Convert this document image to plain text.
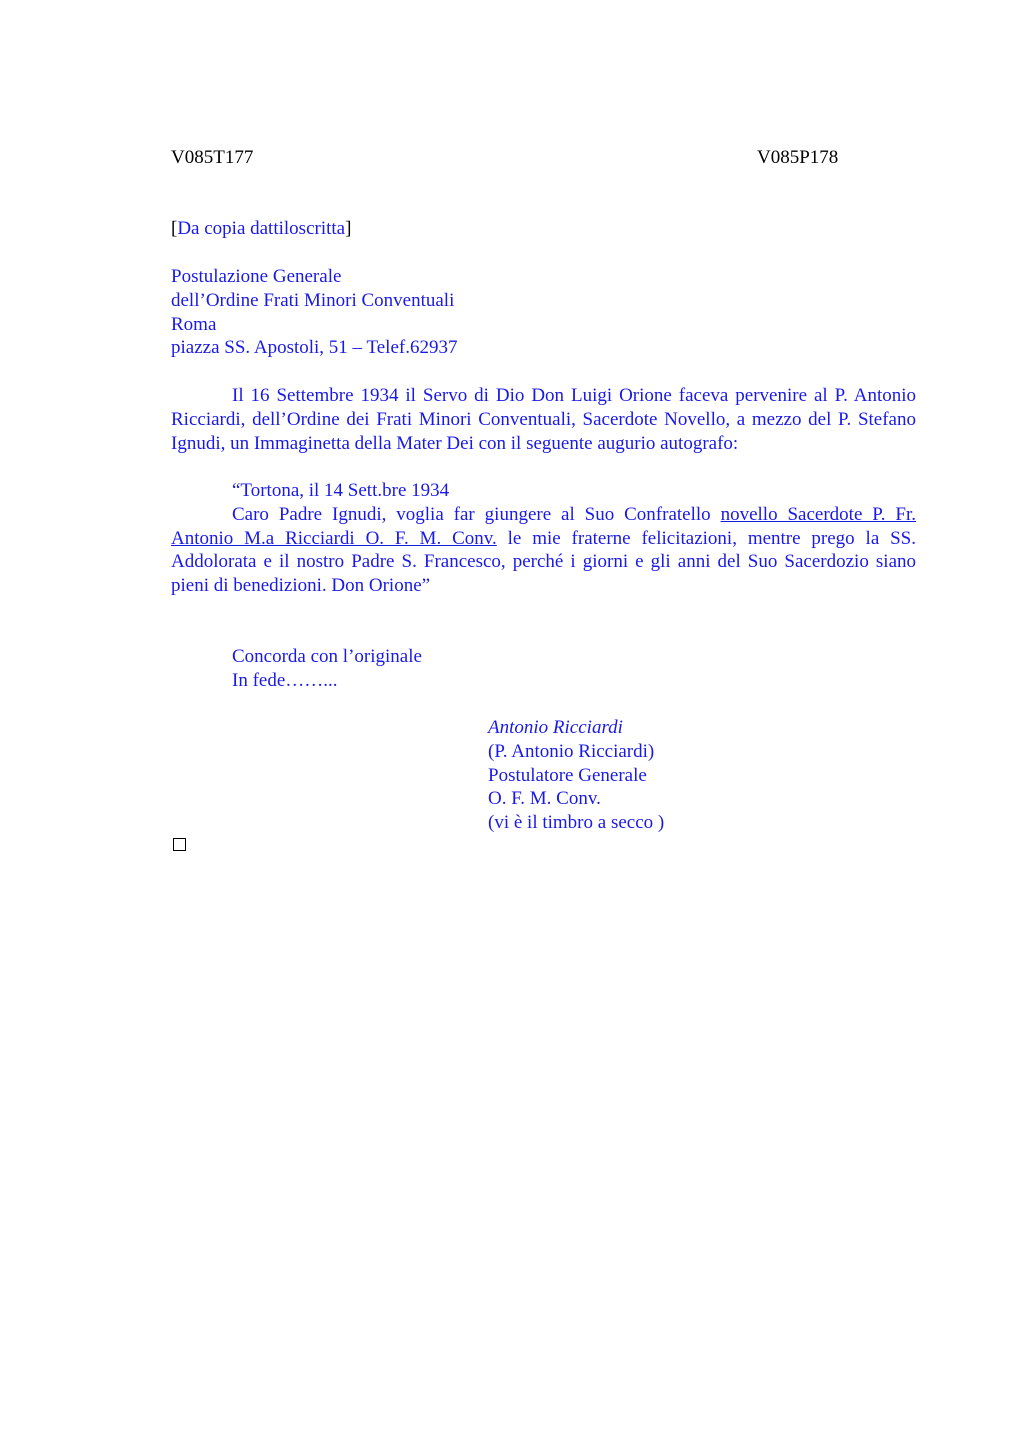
V085T177	V085P178
[Da copia dattiloscritta]
Postulazione Generale
dell’Ordine Frati Minori Conventuali
Roma
piazza SS. Apostoli, 51 – Telef.62937

Il 16 Settembre 1934 il Servo di Dio Don Luigi Orione faceva pervenire al P. Antonio Ricciardi, dell’Ordine dei Frati Minori Conventuali, Sacerdote Novello, a mezzo del P. Stefano Ignudi, un Immaginetta della Mater Dei con il seguente augurio autografo:

“Tortona, il 14 Sett.bre 1934

Caro Padre Ignudi, voglia far giungere al Suo Confratello novello Sacerdote P. Fr. Antonio M.a Ricciardi O. F. M. Conv. le mie fraterne felicitazioni, mentre prego la SS. Addolorata e il nostro Padre S. Francesco, perché i giorni e gli anni del Suo Sacerdozio siano pieni di benedizioni. Don Orione”

Concorda con l’originale
In fede……...
Antonio Ricciardi
(P. Antonio Ricciardi)
Postulatore Generale
O. F. M. Conv.
(vi è il timbro a secco )
